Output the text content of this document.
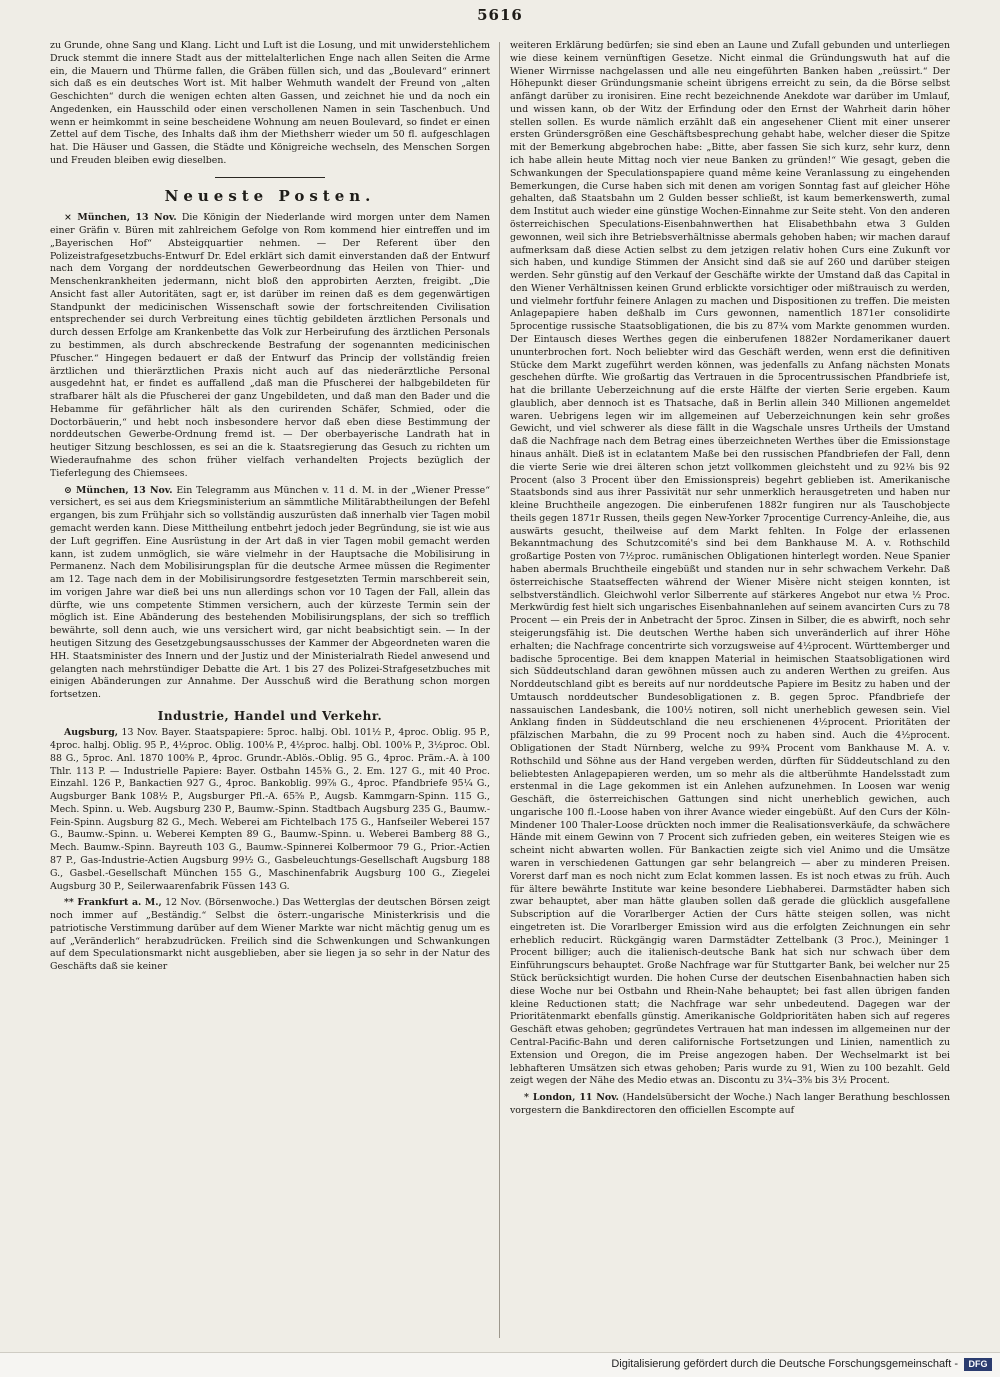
5616

zu Grunde, ohne Sang und Klang. Licht und Luft ist die Losung, und mit unwiderstehlichem Druck stemmt die innere Stadt aus der mittelalterlichen Enge nach allen Seiten die Arme ein, die Mauern und Thürme fallen, die Gräben füllen sich, und das „Boulevard“ erinnert sich daß es ein deutsches Wort ist. Mit halber Wehmuth wandelt der Freund von „alten Geschichten“ durch die wenigen echten alten Gassen, und zeichnet hie und da noch ein Angedenken, ein Hausschild oder einen verschollenen Namen in sein Taschenbuch. Und wenn er heimkommt in seine bescheidene Wohnung am neuen Boulevard, so findet er einen Zettel auf dem Tische, des Inhalts daß ihm der Miethsherr wieder um 50 fl. aufgeschlagen hat. Die Häuser und Gassen, die Städte und Königreiche wechseln, des Menschen Sorgen und Freuden bleiben ewig dieselben.

Neueste Posten.

× München, 13 Nov. Die Königin der Niederlande wird morgen unter dem Namen einer Gräfin v. Büren mit zahlreichem Gefolge von Rom kommend hier eintreffen und im „Bayerischen Hof“ Absteigquartier nehmen. — Der Referent über den Polizeistrafgesetzbuchs-Entwurf Dr. Edel erklärt sich damit einverstanden daß der Entwurf nach dem Vorgang der norddeutschen Gewerbeordnung das Heilen von Thier- und Menschenkrankheiten jedermann, nicht bloß den approbirten Aerzten, freigibt. „Die Ansicht fast aller Autoritäten, sagt er, ist darüber im reinen daß es dem gegenwärtigen Standpunkt der medicinischen Wissenschaft sowie der fortschreitenden Civilisation entsprechender sei durch Verbreitung eines tüchtig gebildeten ärztlichen Personals und durch dessen Erfolge am Krankenbette das Volk zur Herbeirufung des ärztlichen Personals zu bestimmen, als durch abschreckende Bestrafung der sogenannten medicinischen Pfuscher.“ Hingegen bedauert er daß der Entwurf das Princip der vollständig freien ärztlichen und thierärztlichen Praxis nicht auch auf das niederärztliche Personal ausgedehnt hat, er findet es auffallend „daß man die Pfuscherei der halbgebildeten für strafbarer hält als die Pfuscherei der ganz Ungebildeten, und daß man den Bader und die Hebamme für gefährlicher hält als den curirenden Schäfer, Schmied, oder die Doctorbäuerin,“ und hebt noch insbesondere hervor daß eben diese Bestimmung der norddeutschen Gewerbe-Ordnung fremd ist. — Der oberbayerische Landrath hat in heutiger Sitzung beschlossen, es sei an die k. Staatsregierung das Gesuch zu richten um Wiederaufnahme des schon früher vielfach verhandelten Projects bezüglich der Tieferlegung des Chiemsees.

⊙ München, 13 Nov. Ein Telegramm aus München v. 11 d. M. in der „Wiener Presse“ versichert, es sei aus dem Kriegsministerium an sämmtliche Militärabtheilungen der Befehl ergangen, bis zum Frühjahr sich so vollständig auszurüsten daß innerhalb vier Tagen mobil gemacht werden kann. Diese Mittheilung entbehrt jedoch jeder Begründung, sie ist wie aus der Luft gegriffen. Eine Ausrüstung in der Art daß in vier Tagen mobil gemacht werden kann, ist zudem unmöglich, sie wäre vielmehr in der Hauptsache die Mobilisirung in Permanenz. Nach dem Mobilisirungsplan für die deutsche Armee müssen die Regimenter am 12. Tage nach dem in der Mobilisirungsordre festgesetzten Termin marschbereit sein, im vorigen Jahre war dieß bei uns nun allerdings schon vor 10 Tagen der Fall, allein das dürfte, wie uns competente Stimmen versichern, auch der kürzeste Termin sein der möglich ist. Eine Abänderung des bestehenden Mobilisirungsplans, der sich so trefflich bewährte, soll denn auch, wie uns versichert wird, gar nicht beabsichtigt sein. — In der heutigen Sitzung des Gesetzgebungsausschusses der Kammer der Abgeordneten waren die HH. Staatsminister des Innern und der Justiz und der Ministerialrath Riedel anwesend und gelangten nach mehrstündiger Debatte die Art. 1 bis 27 des Polizei-Strafgesetzbuches mit einigen Abänderungen zur Annahme. Der Ausschuß wird die Berathung schon morgen fortsetzen.

Industrie, Handel und Verkehr.

Augsburg, 13 Nov. Bayer. Staatspapiere: 5proc. halbj. Obl. 101½ P., 4proc. Oblig. 95 P., 4proc. halbj. Oblig. 95 P., 4½proc. Oblig. 100⅛ P., 4½proc. halbj. Obl. 100⅛ P., 3½proc. Obl. 88 G., 5proc. Anl. 1870 100⅝ P., 4proc. Grundr.-Ablös.-Oblig. 95 G., 4proc. Präm.-A. à 100 Thlr. 113 P. — Industrielle Papiere: Bayer. Ostbahn 145⅜ G., 2. Em. 127 G., mit 40 Proc. Einzahl. 126 P., Bankactien 927 G., 4proc. Bankoblig. 99⅞ G., 4proc. Pfandbriefe 95¼ G., Augsburger Bank 108½ P., Augsburger Pfl.-A. 65⅝ P., Augsb. Kammgarn-Spinn. 115 G., Mech. Spinn. u. Web. Augsburg 230 P., Baumw.-Spinn. Stadtbach Augsburg 235 G., Baumw.-Fein-Spinn. Augsburg 82 G., Mech. Weberei am Fichtelbach 175 G., Hanfseiler Weberei 157 G., Baumw.-Spinn. u. Weberei Kempten 89 G., Baumw.-Spinn. u. Weberei Bamberg 88 G., Mech. Baumw.-Spinn. Bayreuth 103 G., Baumw.-Spinnerei Kolbermoor 79 G., Prior.-Actien 87 P., Gas-Industrie-Actien Augsburg 99½ G., Gasbeleuchtungs-Gesellschaft Augsburg 188 G., Gasbel.-Gesellschaft München 155 G., Maschinenfabrik Augsburg 100 G., Ziegelei Augsburg 30 P., Seilerwaarenfabrik Füssen 143 G.

** Frankfurt a. M., 12 Nov. (Börsenwoche.) Das Wetterglas der deutschen Börsen zeigt noch immer auf „Beständig.“ Selbst die österr.-ungarische Ministerkrisis und die patriotische Verstimmung darüber auf dem Wiener Markte war nicht mächtig genug um es auf „Veränderlich“ herabzudrücken. Freilich sind die Schwenkungen und Schwankungen auf dem Speculationsmarkt nicht ausgeblieben, aber sie liegen ja so sehr in der Natur des Geschäfts daß sie keiner

weiteren Erklärung bedürfen; sie sind eben an Laune und Zufall gebunden und unterliegen wie diese keinem vernünftigen Gesetze. Nicht einmal die Gründungswuth hat auf die Wiener Wirrnisse nachgelassen und alle neu eingeführten Banken haben „reüssirt.“ Der Höhepunkt dieser Gründungsmanie scheint übrigens erreicht zu sein, da die Börse selbst anfängt darüber zu ironisiren. Eine recht bezeichnende Anekdote war darüber im Umlauf, und wissen kann, ob der Witz der Erfindung oder den Ernst der Wahrheit darin höher stellen sollen. Es wurde nämlich erzählt daß ein angesehener Client mit einer unserer ersten Gründersgrößen eine Geschäftsbesprechung gehabt habe, welcher dieser die Spitze mit der Bemerkung abgebrochen habe: „Bitte, aber fassen Sie sich kurz, sehr kurz, denn ich habe allein heute Mittag noch vier neue Banken zu gründen!“ Wie gesagt, geben die Schwankungen der Speculationspapiere quand même keine Veranlassung zu eingehenden Bemerkungen, die Curse haben sich mit denen am vorigen Sonntag fast auf gleicher Höhe gehalten, daß Staatsbahn um 2 Gulden besser schließt, ist kaum bemerkenswerth, zumal dem Institut auch wieder eine günstige Wochen-Einnahme zur Seite steht. Von den anderen österreichischen Speculations-Eisenbahnwerthen hat Elisabethbahn etwa 3 Gulden gewonnen, weil sich ihre Betriebsverhältnisse abermals gehoben haben; wir machen darauf aufmerksam daß diese Actien selbst zu dem jetzigen relativ hohen Curs eine Zukunft vor sich haben, und kundige Stimmen der Ansicht sind daß sie auf 260 und darüber steigen werden. Sehr günstig auf den Verkauf der Geschäfte wirkte der Umstand daß das Capital in den Wiener Verhältnissen keinen Grund erblickte vorsichtiger oder mißtrauisch zu werden, und vielmehr fortfuhr feinere Anlagen zu machen und Dispositionen zu treffen. Die meisten Anlagepapiere haben deßhalb im Curs gewonnen, namentlich 1871er consolidirte 5procentige russische Staatsobligationen, die bis zu 87¾ vom Markte genommen wurden. Der Eintausch dieses Werthes gegen die einberufenen 1882er Nordamerikaner dauert ununterbrochen fort. Noch beliebter wird das Geschäft werden, wenn erst die definitiven Stücke dem Markt zugeführt werden können, was jedenfalls zu Anfang nächsten Monats geschehen dürfte. Wie großartig das Vertrauen in die 5procentrussischen Pfandbriefe ist, hat die brillante Ueberzeichnung auf die erste Hälfte der vierten Serie ergeben. Kaum glaublich, aber dennoch ist es Thatsache, daß in Berlin allein 340 Millionen angemeldet waren. Uebrigens legen wir im allgemeinen auf Ueberzeichnungen kein sehr großes Gewicht, und viel schwerer als diese fällt in die Wagschale unsres Urtheils der Umstand daß die Nachfrage nach dem Betrag eines überzeichneten Werthes über die Emissionstage hinaus anhält. Dieß ist in eclatantem Maße bei den russischen Pfandbriefen der Fall, denn die vierte Serie wie drei älteren schon jetzt vollkommen gleichsteht und zu 92⅛ bis 92 Procent (also 3 Procent über den Emissionspreis) begehrt geblieben ist. Amerikanische Staatsbonds sind aus ihrer Passivität nur sehr unmerklich herausgetreten und haben nur kleine Bruchtheile angezogen. Die einberufenen 1882r fungiren nur als Tauschobjecte theils gegen 1871r Russen, theils gegen New-Yorker 7procentige Currency-Anleihe, die, aus auswärts gesucht, theilweise auf dem Markt fehlten. In Folge der erlassenen Bekanntmachung des Schutzcomité's sind bei dem Bankhause M. A. v. Rothschild großartige Posten von 7½proc. rumänischen Obligationen hinterlegt worden. Neue Spanier haben abermals Bruchtheile eingebüßt und standen nur in sehr schwachem Verkehr. Daß österreichische Staatseffecten während der Wiener Misère nicht steigen konnten, ist selbstverständlich. Gleichwohl verlor Silberrente auf stärkeres Angebot nur etwa ½ Proc. Merkwürdig fest hielt sich ungarisches Eisenbahnanlehen auf seinem avancirten Curs zu 78 Procent — ein Preis der in Anbetracht der 5proc. Zinsen in Silber, die es abwirft, noch sehr steigerungsfähig ist. Die deutschen Werthe haben sich unveränderlich auf ihrer Höhe erhalten; die Nachfrage concentrirte sich vorzugsweise auf 4½procent. Württemberger und badische 5procentige. Bei dem knappen Material in heimischen Staatsobligationen wird sich Süddeutschland daran gewöhnen müssen auch zu anderen Werthen zu greifen. Aus Norddeutschland gibt es bereits auf nur norddeutsche Papiere im Besitz zu haben und der Umtausch norddeutscher Bundesobligationen z. B. gegen 5proc. Pfandbriefe der nassauischen Landesbank, die 100½ notiren, soll nicht unerheblich gewesen sein. Viel Anklang finden in Süddeutschland die neu erschienenen 4½procent. Prioritäten der pfälzischen Marbahn, die zu 99 Procent noch zu haben sind. Auch die 4½procent. Obligationen der Stadt Nürnberg, welche zu 99¾ Procent vom Bankhause M. A. v. Rothschild und Söhne aus der Hand vergeben werden, dürften für Süddeutschland zu den beliebtesten Anlagepapieren werden, um so mehr als die altberühmte Handelsstadt zum erstenmal in die Lage gekommen ist ein Anlehen aufzunehmen. In Loosen war wenig Geschäft, die österreichischen Gattungen sind nicht unerheblich gewichen, auch ungarische 100 fl.-Loose haben von ihrer Avance wieder eingebüßt. Auf den Curs der Köln-Mindener 100 Thaler-Loose drückten noch immer die Realisationsverkäufe, da schwächere Hände mit einem Gewinn von 7 Procent sich zufrieden geben, ein weiteres Steigen wie es scheint nicht abwarten wollen. Für Bankactien zeigte sich viel Animo und die Umsätze waren in verschiedenen Gattungen gar sehr belangreich — aber zu minderen Preisen. Vorerst darf man es noch nicht zum Eclat kommen lassen. Es ist noch etwas zu früh. Auch für ältere bewährte Institute war keine besondere Liebhaberei. Darmstädter haben sich zwar behauptet, aber man hätte glauben sollen daß gerade die glücklich ausgefallene Subscription auf die Vorarlberger Actien der Curs hätte steigen sollen, was nicht eingetreten ist. Die Vorarlberger Emission wird aus die erfolgten Zeichnungen ein sehr erheblich reducirt. Rückgängig waren Darmstädter Zettelbank (3 Proc.), Meininger 1 Procent billiger; auch die italienisch-deutsche Bank hat sich nur schwach über dem Einführungscurs behauptet. Große Nachfrage war für Stuttgarter Bank, bei welcher nur 25 Stück berücksichtigt wurden. Die hohen Curse der deutschen Eisenbahnactien haben sich diese Woche nur bei Ostbahn und Rhein-Nahe behauptet; bei fast allen übrigen fanden kleine Reductionen statt; die Nachfrage war sehr unbedeutend. Dagegen war der Prioritätenmarkt ebenfalls günstig. Amerikanische Goldprioritäten haben sich auf regeres Geschäft etwas gehoben; gegründetes Vertrauen hat man indessen im allgemeinen nur der Central-Pacific-Bahn und deren californische Fortsetzungen und Linien, namentlich zu Extension und Oregon, die im Preise angezogen haben. Der Wechselmarkt ist bei lebhafteren Umsätzen sich etwas gehoben; Paris wurde zu 91, Wien zu 100 bezahlt. Geld zeigt wegen der Nähe des Medio etwas an. Discontu zu 3¼–3⅝ bis 3½ Procent.

* London, 11 Nov. (Handelsübersicht der Woche.) Nach langer Berathung beschlossen vorgestern die Bankdirectoren den officiellen Escompte auf

Digitalisierung gefördert durch die Deutsche Forschungsgemeinschaft -	DFG
